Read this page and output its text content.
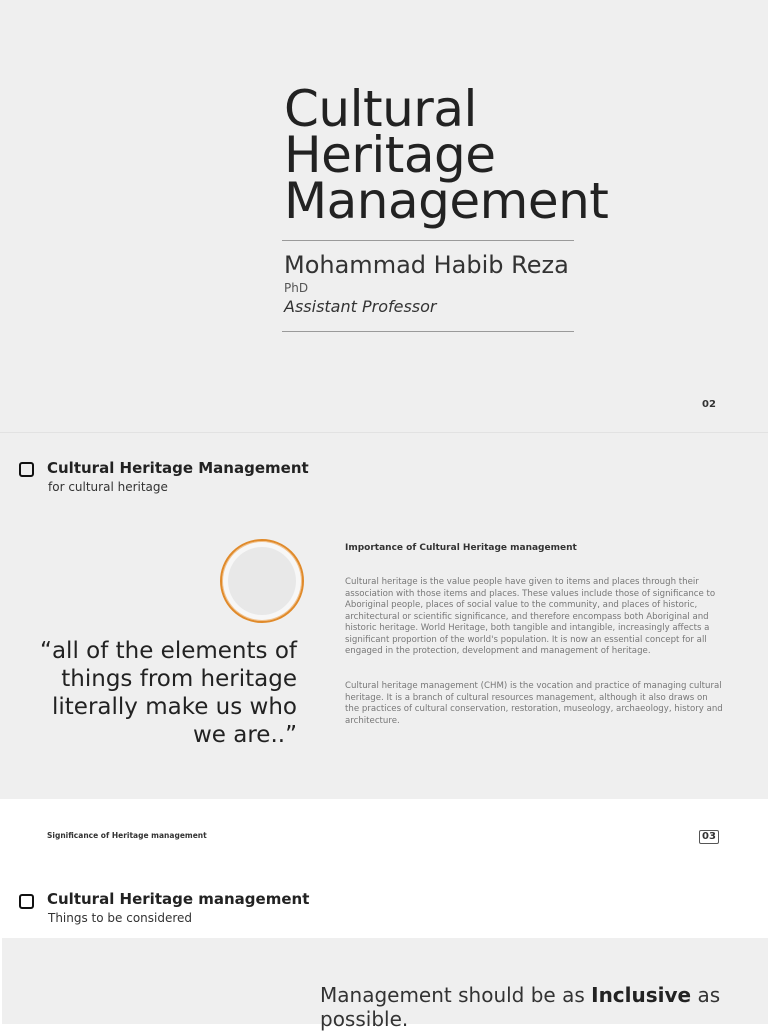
Cultural
Heritage
Management
Mohammad Habib Reza
PhD
Assistant Professor
02
Cultural Heritage Management
for cultural heritage
“all of the elements of things from heritage literally make us who we are..”
Importance of Cultural Heritage management
Cultural heritage is the value people have given to items and places through their association with those items and places. These values include those of significance to Aboriginal people, places of social value to the community, and places of historic, architectural or scientific significance, and therefore encompass both Aboriginal and historic heritage. World Heritage, both tangible and intangible, increasingly affects a significant proportion of the world's population. It is now an essential concept for all engaged in the protection, development and management of heritage.
Cultural heritage management (CHM) is the vocation and practice of managing cultural heritage. It is a branch of cultural resources management, although it also draws on the practices of cultural conservation, restoration, museology, archaeology, history and architecture.
Significance of Heritage management	03
Cultural Heritage management
Things to be considered
Management should be as Inclusive as possible.
